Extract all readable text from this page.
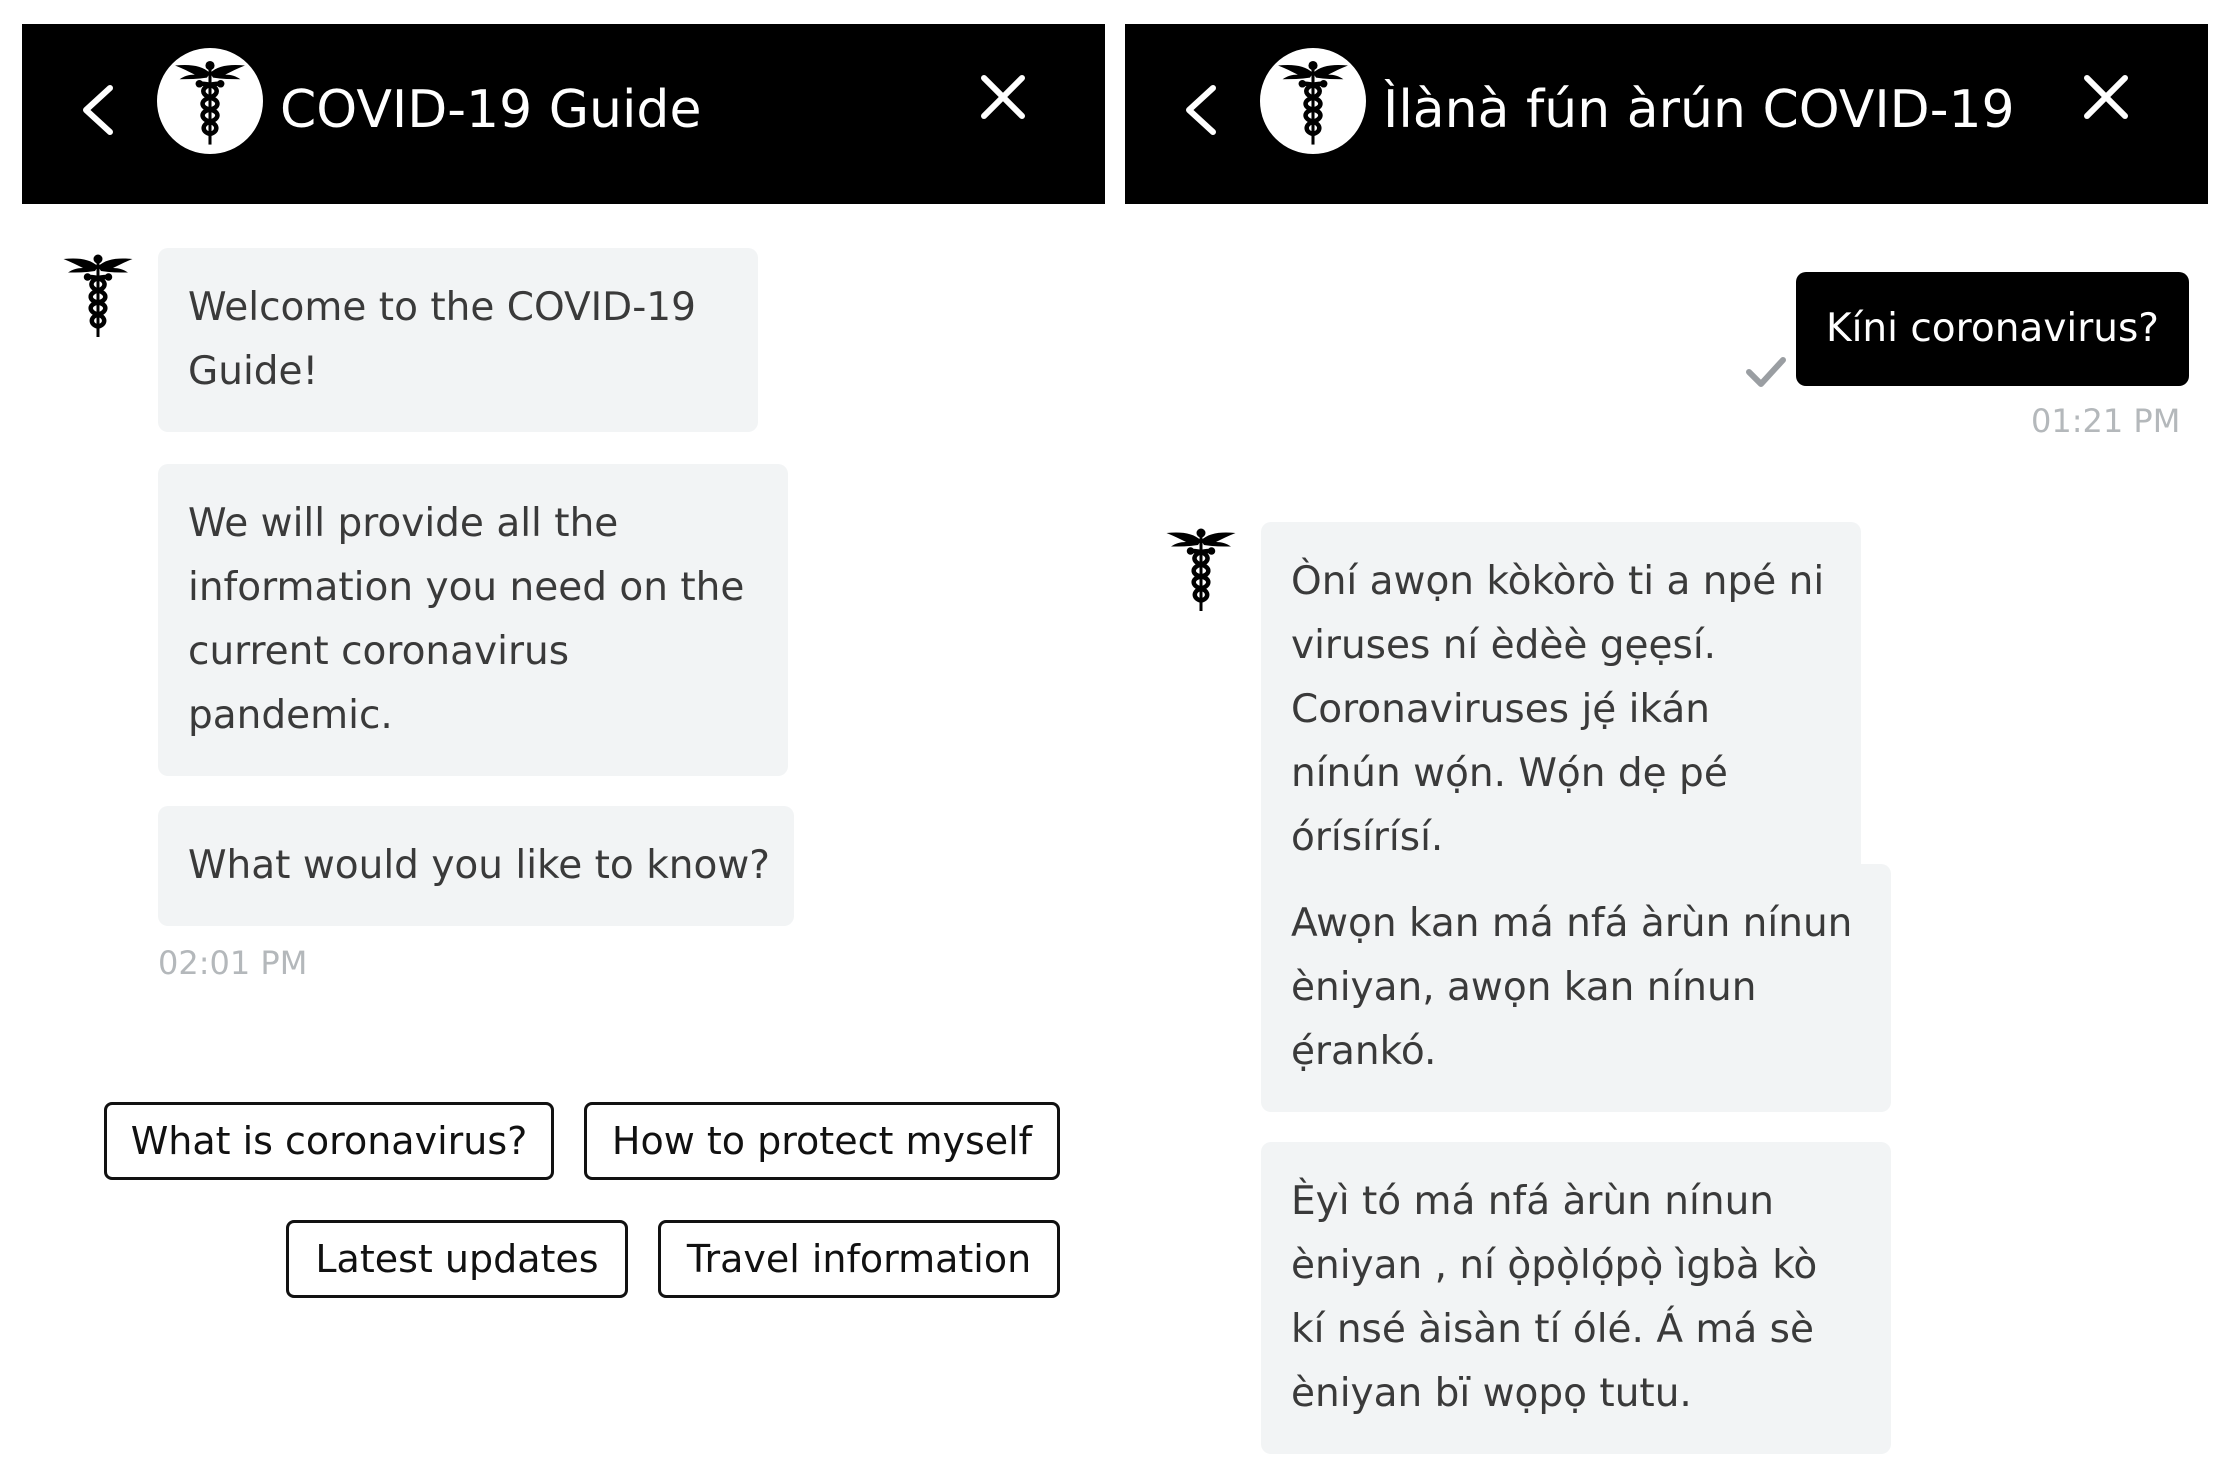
COVID-19 Guide
Welcome to the COVID-19 Guide!
We will provide all the information you need on the current coronavirus pandemic.
What would you like to know?
02:01 PM
What is coronavirus?	How to protect myself
Latest updates	Travel information
Ìlànà fún àrún COVID-19
Kíni coronavirus?
01:21 PM
Òní awọn kòkòrò ti a npé ni viruses ní èdèè gẹẹsí. Coronaviruses jẹ́ ikán nínún wọ́n. Wọ́n dẹ pé órísírísí.
Awọn kan má nfá àrùn nínun èniyan, awọn kan nínun ẹ́rankó.
Èyì tó má nfá àrùn nínun èniyan , ní ọ̀pọ̀lọ́pọ̀ ìgbà kò kí nsé àisàn tí ólé. Á má sè èniyan bï wọpọ tutu.
